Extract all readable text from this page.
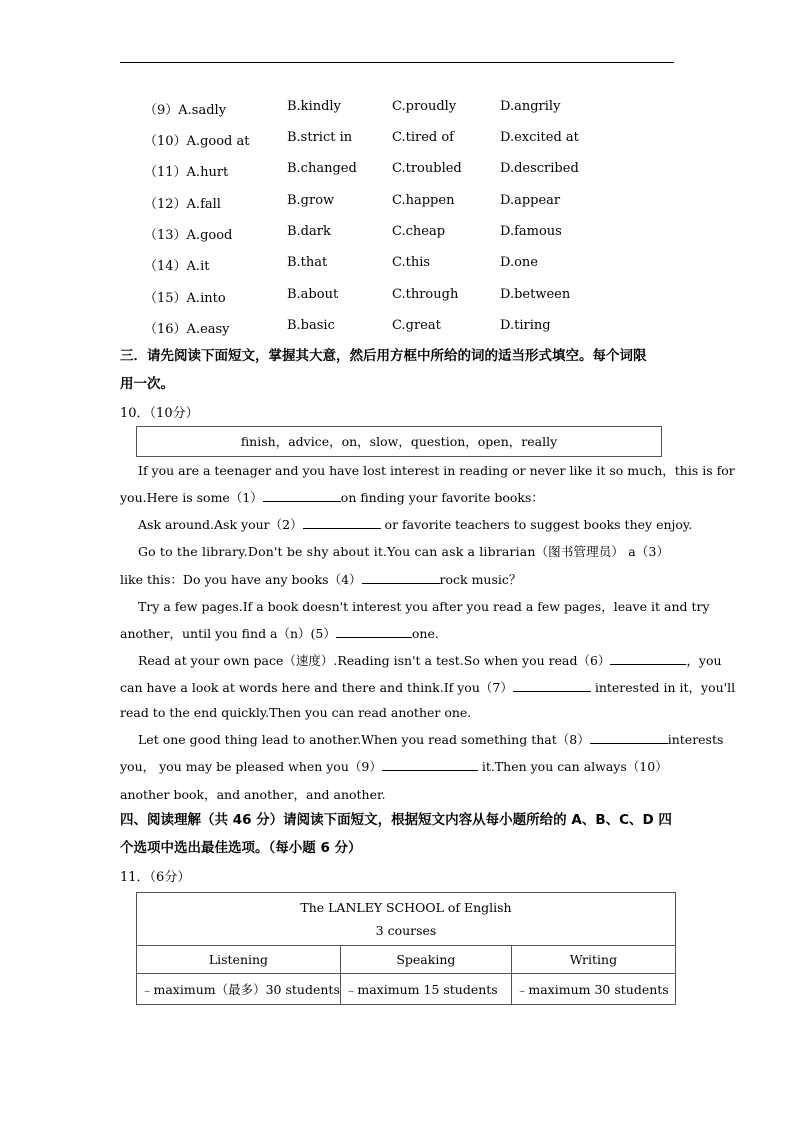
（9）A.sadly	B.kindly	C.proudly	D.angrily
（10）A.good at	B.strict in	C.tired of	D.excited at
（11）A.hurt	B.changed	C.troubled	D.described
（12）A.fall	B.grow	C.happen	D.appear
（13）A.good	B.dark	C.cheap	D.famous
（14）A.it	B.that	C.this	D.one
（15）A.into	B.about	C.through	D.between
（16）A.easy	B.basic	C.great	D.tiring
三．请先阅读下面短文，掌握其大意，然后用方框中所给的词的适当形式填空。每个词限
用一次。
10．（10分）
finish，advice，on，slow，question，open，really
If you are a teenager and you have lost interest in reading or never like it so much，this is for
you.Here is some（1）	on finding your favorite books：
Ask around.Ask your（2）	or favorite teachers to suggest books they enjoy.
Go to the library.Don't be shy about it.You can ask a librarian（图书管理员） a（3）
like this：Do you have any books（4）	rock music？
Try a few pages.If a book doesn't interest you after you read a few pages，leave it and try
another，until you find a（n）(5）	one.
Read at your own pace（速度）.Reading isn't a test.So when you read（6）	，you
can have a look at words here and there and think.If you（7）	interested in it，you'll
read to the end quickly.Then you can read another one.
Let one good thing lead to another.When you read something that（8）	interests
you， you may be pleased when you（9）	it.Then you can always（10）
another book，and another，and another.
四、阅读理解（共 46 分）请阅读下面短文，根据短文内容从每小题所给的 A、B、C、D 四
个选项中选出最佳选项。（每小题 6 分）
11．（6分）
The LANLEY SCHOOL of English
3 courses		

Listening	Speaking	Writing
﹣maximum（最多）30 students	﹣maximum 15 students	﹣maximum 30 students
